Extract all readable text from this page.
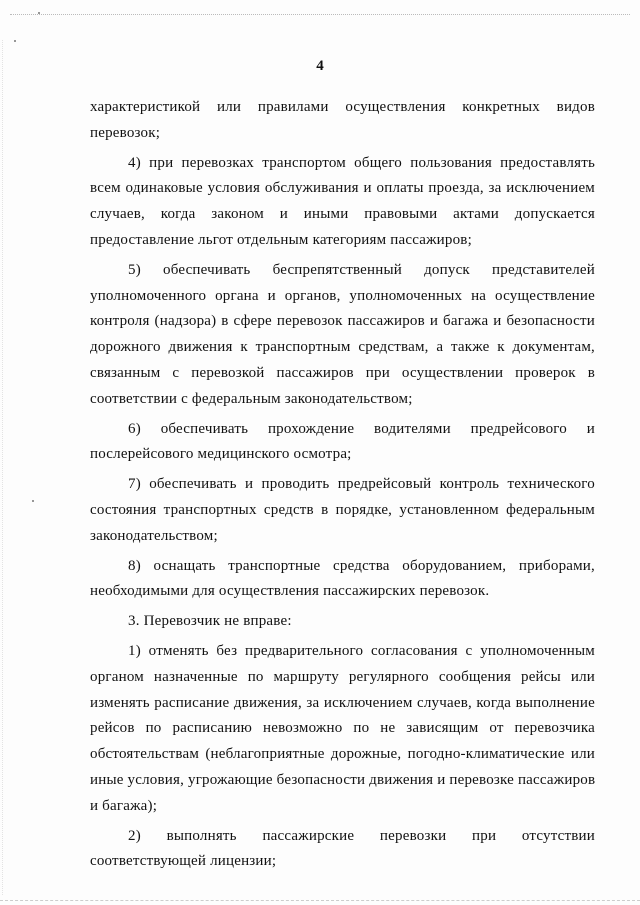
4

характеристикой или правилами осуществления конкретных видов
перевозок;

4) при перевозках транспортом общего пользования предоставлять
всем одинаковые условия обслуживания и оплаты проезда, за исключением
случаев, когда законом и иными правовыми актами допускается
предоставление льгот отдельным категориям пассажиров;

5) обеспечивать беспрепятственный допуск представителей
уполномоченного органа и органов, уполномоченных на осуществление
контроля (надзора) в сфере перевозок пассажиров и багажа и безопасности
дорожного движения к транспортным средствам, а также к документам,
связанным с перевозкой пассажиров при осуществлении проверок в
соответствии с федеральным законодательством;

6) обеспечивать прохождение водителями предрейсового и
послерейсового медицинского осмотра;

7) обеспечивать и проводить предрейсовый контроль технического
состояния транспортных средств в порядке, установленном федеральным
законодательством;

8) оснащать транспортные средства оборудованием, приборами,
необходимыми для осуществления пассажирских перевозок.

3. Перевозчик не вправе:

1) отменять без предварительного согласования с уполномоченным
органом назначенные по маршруту регулярного сообщения рейсы или
изменять расписание движения, за исключением случаев, когда выполнение
рейсов по расписанию невозможно по не зависящим от перевозчика
обстоятельствам (неблагоприятные дорожные, погодно-климатические или
иные условия, угрожающие безопасности движения и перевозке пассажиров
и багажа);

2) выполнять пассажирские перевозки при отсутствии
соответствующей лицензии;
